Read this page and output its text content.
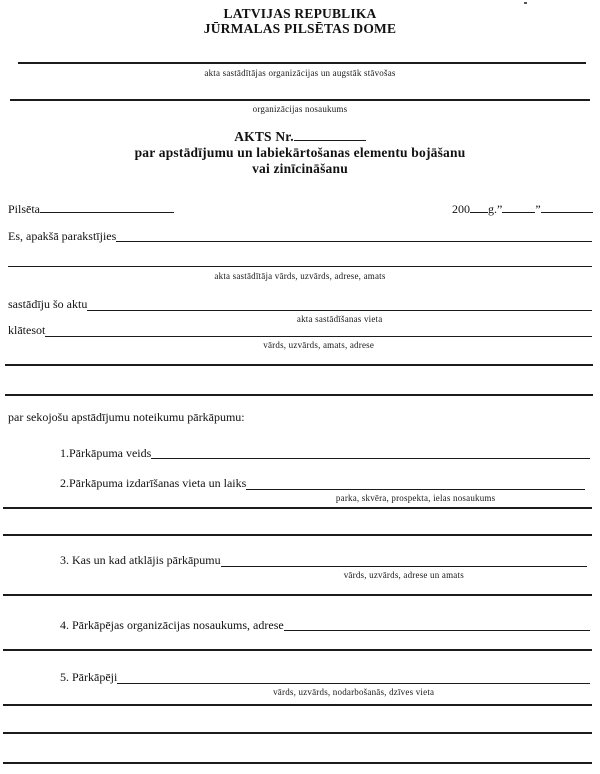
LATVIJAS REPUBLIKA
JŪRMALAS PILSĒTAS DOME
akta sastādītājas organizācijas un augstāk stāvošas
organizācijas nosaukums
AKTS Nr.
par apstādījumu un labiekārtošanas elementu bojāšanu
vai zinīcināšanu
Pilsēta	200 g.”	”
Es, apakšā parakstījies
akta sastādītāja vārds, uzvārds, adrese, amats
sastādīju šo aktu
akta sastādīšanas vieta
klātesot
vārds, uzvārds, amats, adrese
par sekojošu apstādījumu noteikumu pārkāpumu:
1.Pārkāpuma veids
2.Pārkāpuma izdarīšanas vieta un laiks
parka, skvēra, prospekta, ielas nosaukums
3. Kas un kad atklājis pārkāpumu
vārds, uzvārds, adrese un amats
4. Pārkāpējas organizācijas nosaukums, adrese
5. Pārkāpēji
vārds, uzvārds, nodarbošanās, dzīves vieta
